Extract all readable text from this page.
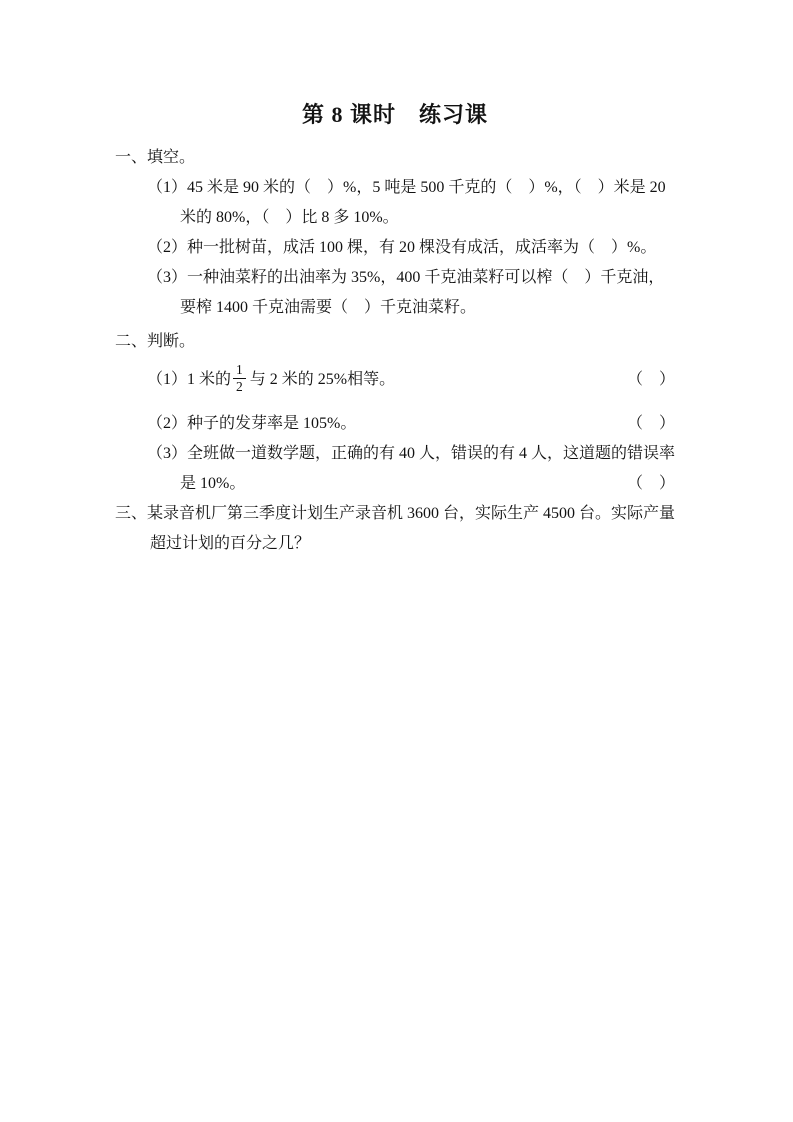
第 8 课时　练习课
一、填空。
（1）45 米是 90 米的（　）%，5 吨是 500 千克的（　）%，（　）米是 20
米的 80%，（　）比 8 多 10%。
（2）种一批树苗，成活 100 棵，有 20 棵没有成活，成活率为（　）%。
（3）一种油菜籽的出油率为 35%，400 千克油菜籽可以榨（　）千克油，
要榨 1400 千克油需要（　）千克油菜籽。
二、判断。
（1）1 米的 $\frac{1}{2}$ 与 2 米的 25%相等。	（　）
（2）种子的发芽率是 105%。	（　）
（3）全班做一道数学题，正确的有 40 人，错误的有 4 人，这道题的错误率
是 10%。	（　）
三、某录音机厂第三季度计划生产录音机 3600 台，实际生产 4500 台。实际产量
超过计划的百分之几？
